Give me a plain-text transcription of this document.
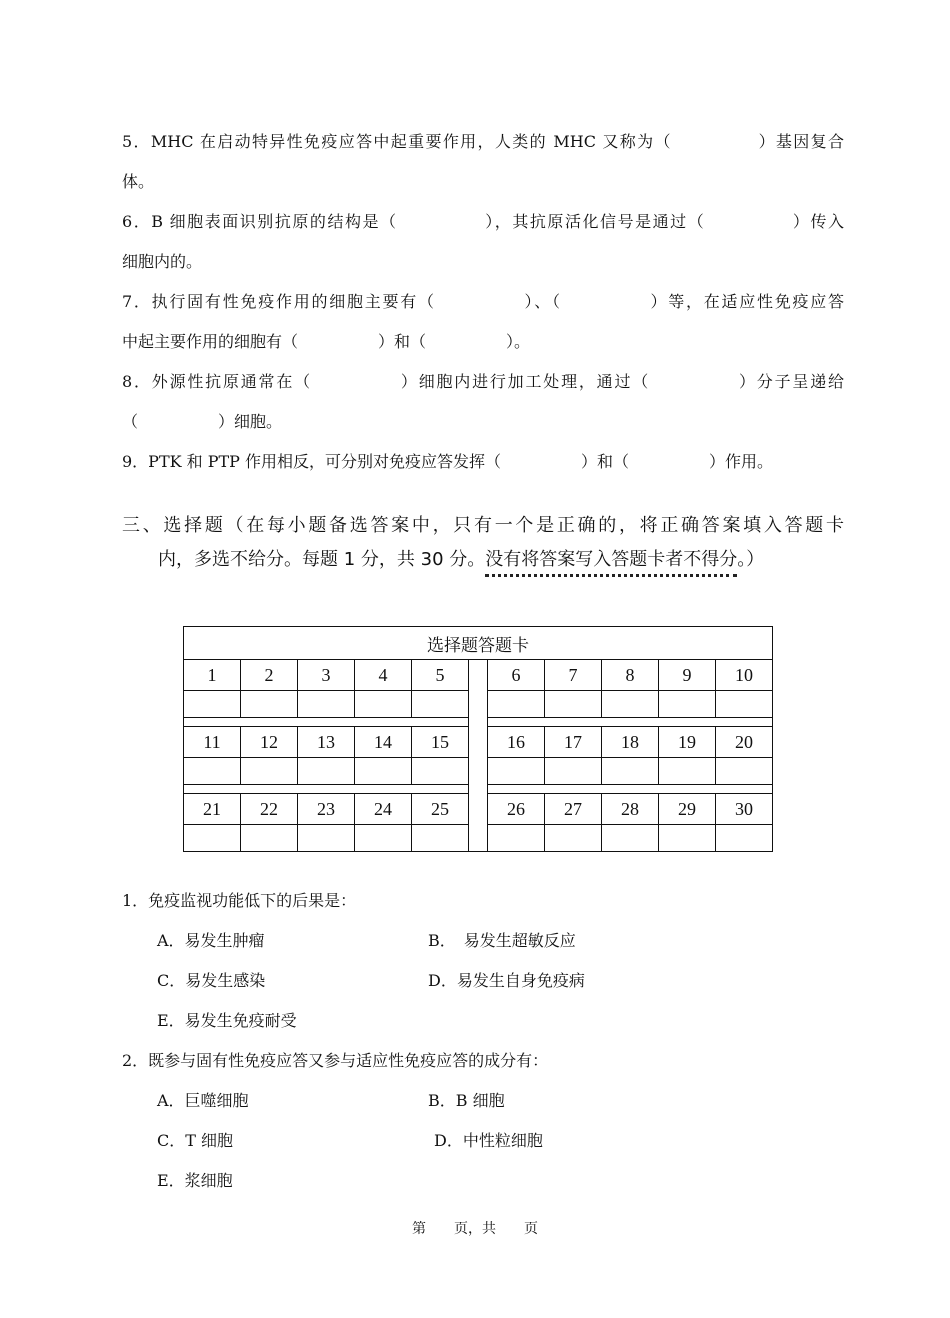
5．MHC 在启动特异性免疫应答中起重要作用，人类的 MHC 又称为（　　　　　）基因复合
体。
6．B 细胞表面识别抗原的结构是（　　　　　），其抗原活化信号是通过（　　　　　）传入
细胞内的。
7．执行固有性免疫作用的细胞主要有（　　　　　）、（　　　　　）等，在适应性免疫应答
中起主要作用的细胞有（　　　　　）和（　　　　　）。
8．外源性抗原通常在（　　　　　）细胞内进行加工处理，通过（　　　　　）分子呈递给
（　　　　　）细胞。
9．PTK 和 PTP 作用相反，可分别对免疫应答发挥（　　　　　）和（　　　　　）作用。
三、选择题（在每小题备选答案中，只有一个是正确的，将正确答案填入答题卡
　　内，多选不给分。每题 1 分，共 30 分。没有将答案写入答题卡者不得分。）
选择题答题卡										
1	2	3	4	5		6	7	8	9	10

11	12	13	14	15		16	17	18	19	20

21	22	23	24	25		26	27	28	29	30

1．免疫监视功能低下的后果是：
A．易发生肿瘤	B．　易发生超敏反应
C．易发生感染	D．易发生自身免疫病
E．易发生免疫耐受
2．既参与固有性免疫应答又参与适应性免疫应答的成分有：
A．巨噬细胞	B．B 细胞
C．T 细胞	D．中性粒细胞
E．浆细胞
第　　页，共　　页
